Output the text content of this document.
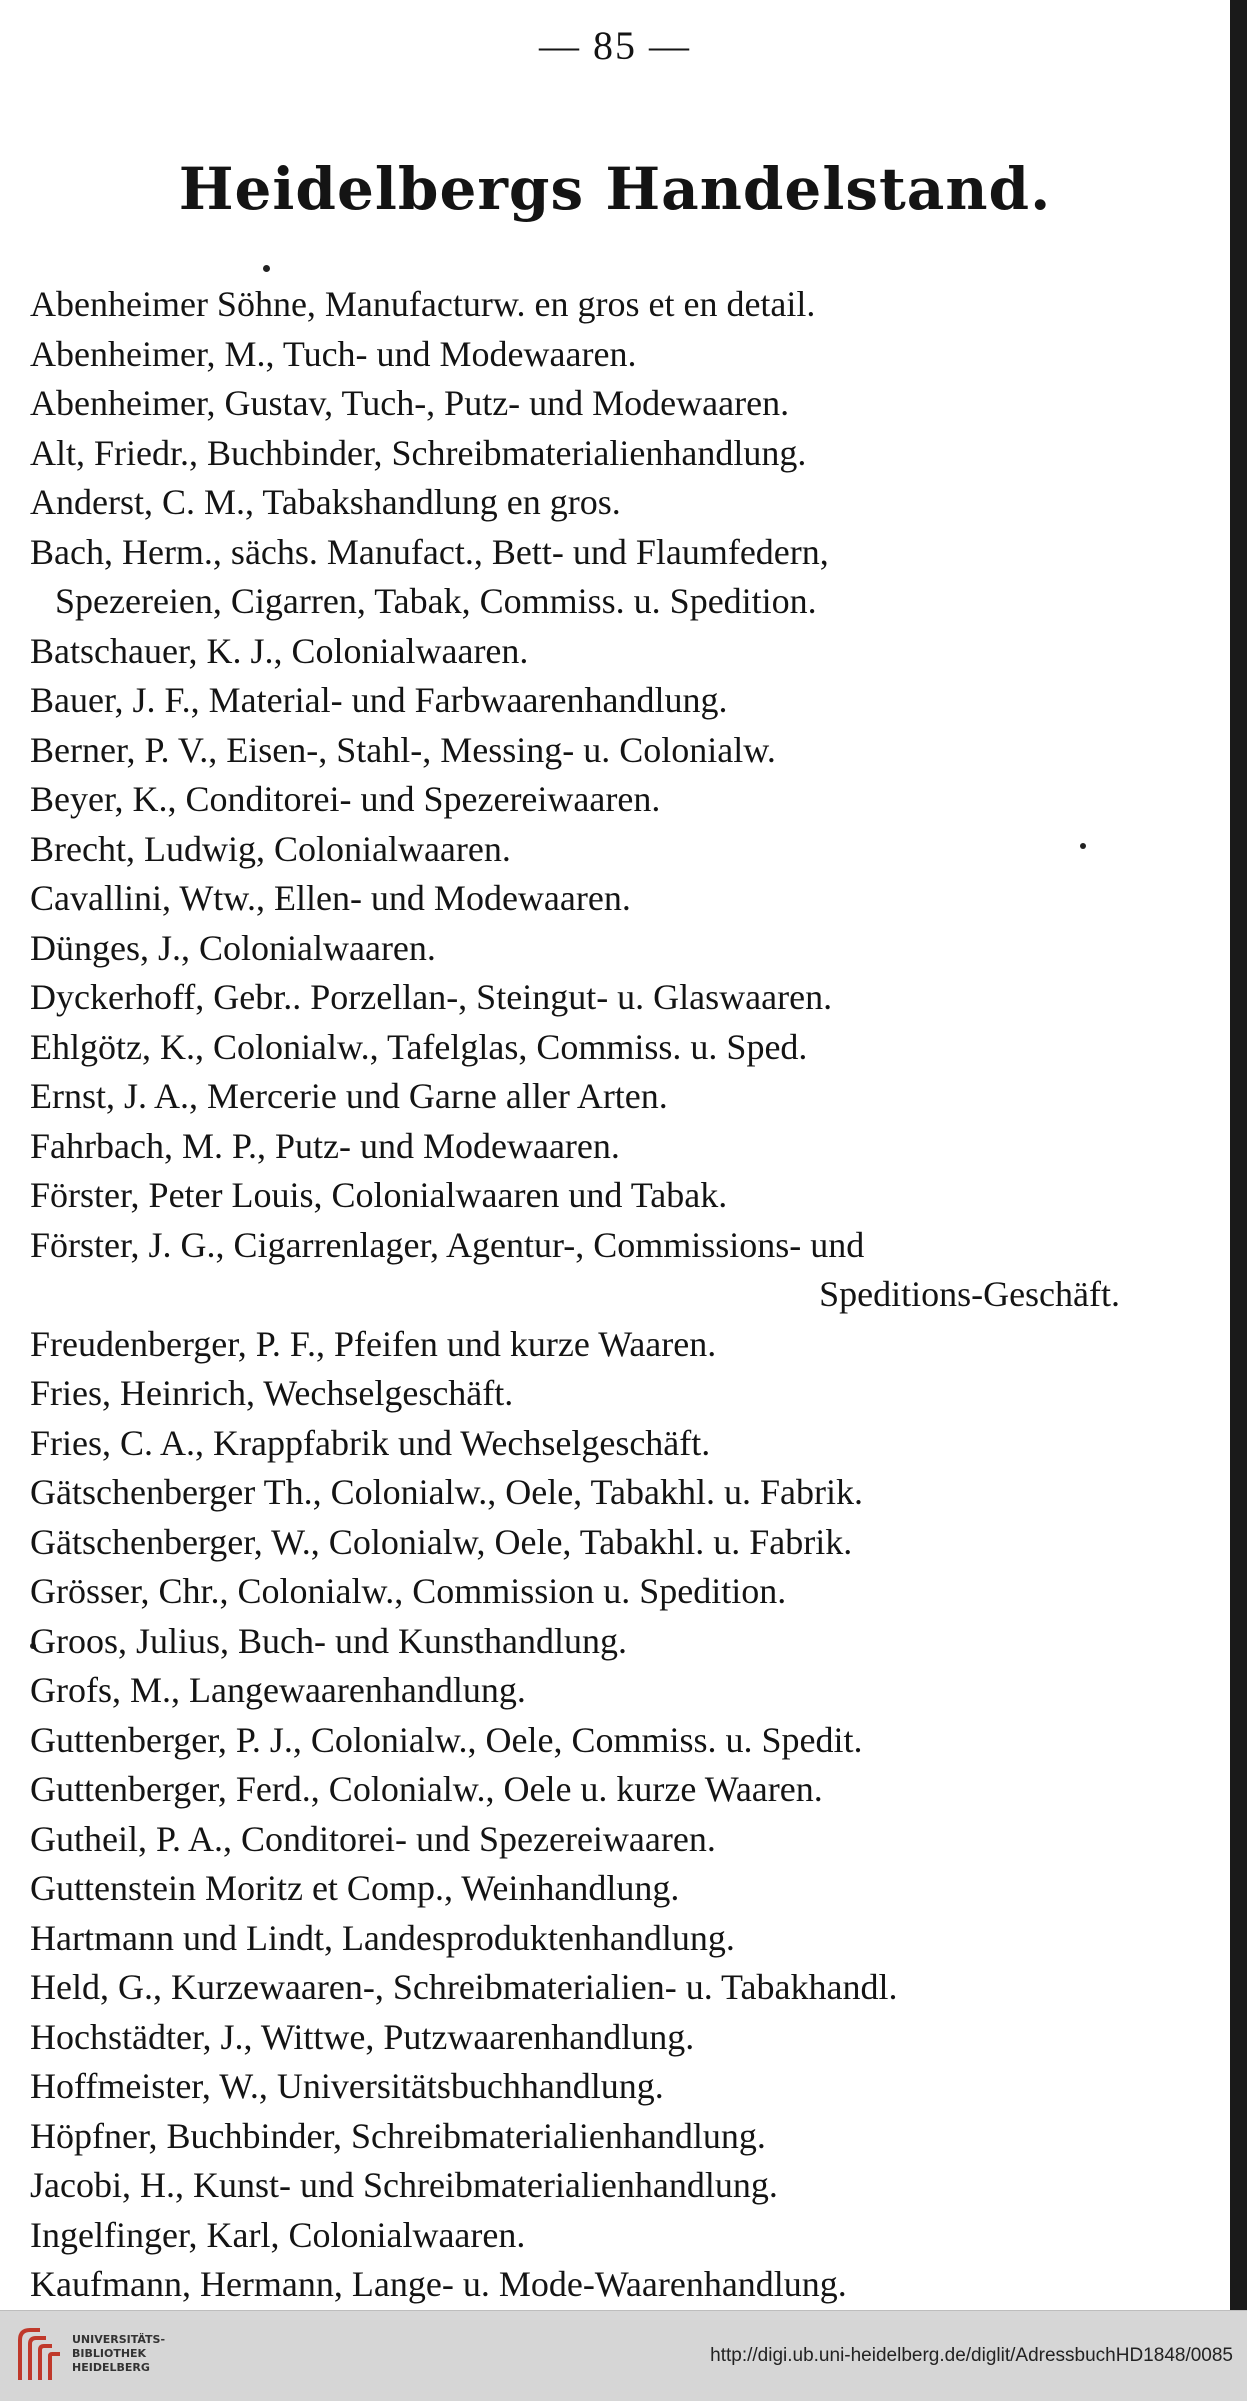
— 85 —
Heidelbergs Handelstand.
Abenheimer Söhne, Manufacturw. en gros et en detail.
Abenheimer, M., Tuch- und Modewaaren.
Abenheimer, Gustav, Tuch-, Putz- und Modewaaren.
Alt, Friedr., Buchbinder, Schreibmaterialienhandlung.
Anderst, C. M., Tabakshandlung en gros.
Bach, Herm., sächs. Manufact., Bett- und Flaumfedern,
Spezereien, Cigarren, Tabak, Commiss. u. Spedition.
Batschauer, K. J., Colonialwaaren.
Bauer, J. F., Material- und Farbwaarenhandlung.
Berner, P. V., Eisen-, Stahl-, Messing- u. Colonialw.
Beyer, K., Conditorei- und Spezereiwaaren.
Brecht, Ludwig, Colonialwaaren.
Cavallini, Wtw., Ellen- und Modewaaren.
Dünges, J., Colonialwaaren.
Dyckerhoff, Gebr.. Porzellan-, Steingut- u. Glaswaaren.
Ehlgötz, K., Colonialw., Tafelglas, Commiss. u. Sped.
Ernst, J. A., Mercerie und Garne aller Arten.
Fahrbach, M. P., Putz- und Modewaaren.
Förster, Peter Louis, Colonialwaaren und Tabak.
Förster, J. G., Cigarrenlager, Agentur-, Commissions- und
Speditions-Geschäft.
Freudenberger, P. F., Pfeifen und kurze Waaren.
Fries, Heinrich, Wechselgeschäft.
Fries, C. A., Krappfabrik und Wechselgeschäft.
Gätschenberger Th., Colonialw., Oele, Tabakhl. u. Fabrik.
Gätschenberger, W., Colonialw, Oele, Tabakhl. u. Fabrik.
Grösser, Chr., Colonialw., Commission u. Spedition.
Groos, Julius, Buch- und Kunsthandlung.
Grofs, M., Langewaarenhandlung.
Guttenberger, P. J., Colonialw., Oele, Commiss. u. Spedit.
Guttenberger, Ferd., Colonialw., Oele u. kurze Waaren.
Gutheil, P. A., Conditorei- und Spezereiwaaren.
Guttenstein Moritz et Comp., Weinhandlung.
Hartmann und Lindt, Landesproduktenhandlung.
Held, G., Kurzewaaren-, Schreibmaterialien- u. Tabakhandl.
Hochstädter, J., Wittwe, Putzwaarenhandlung.
Hoffmeister, W., Universitätsbuchhandlung.
Höpfner, Buchbinder, Schreibmaterialienhandlung.
Jacobi, H., Kunst- und Schreibmaterialienhandlung.
Ingelfinger, Karl, Colonialwaaren.
Kaufmann, Hermann, Lange- u. Mode-Waarenhandlung.
UNIVERSITÄTS-
BIBLIOTHEK
HEIDELBERG
http://digi.ub.uni-heidelberg.de/diglit/AdressbuchHD1848/0085
